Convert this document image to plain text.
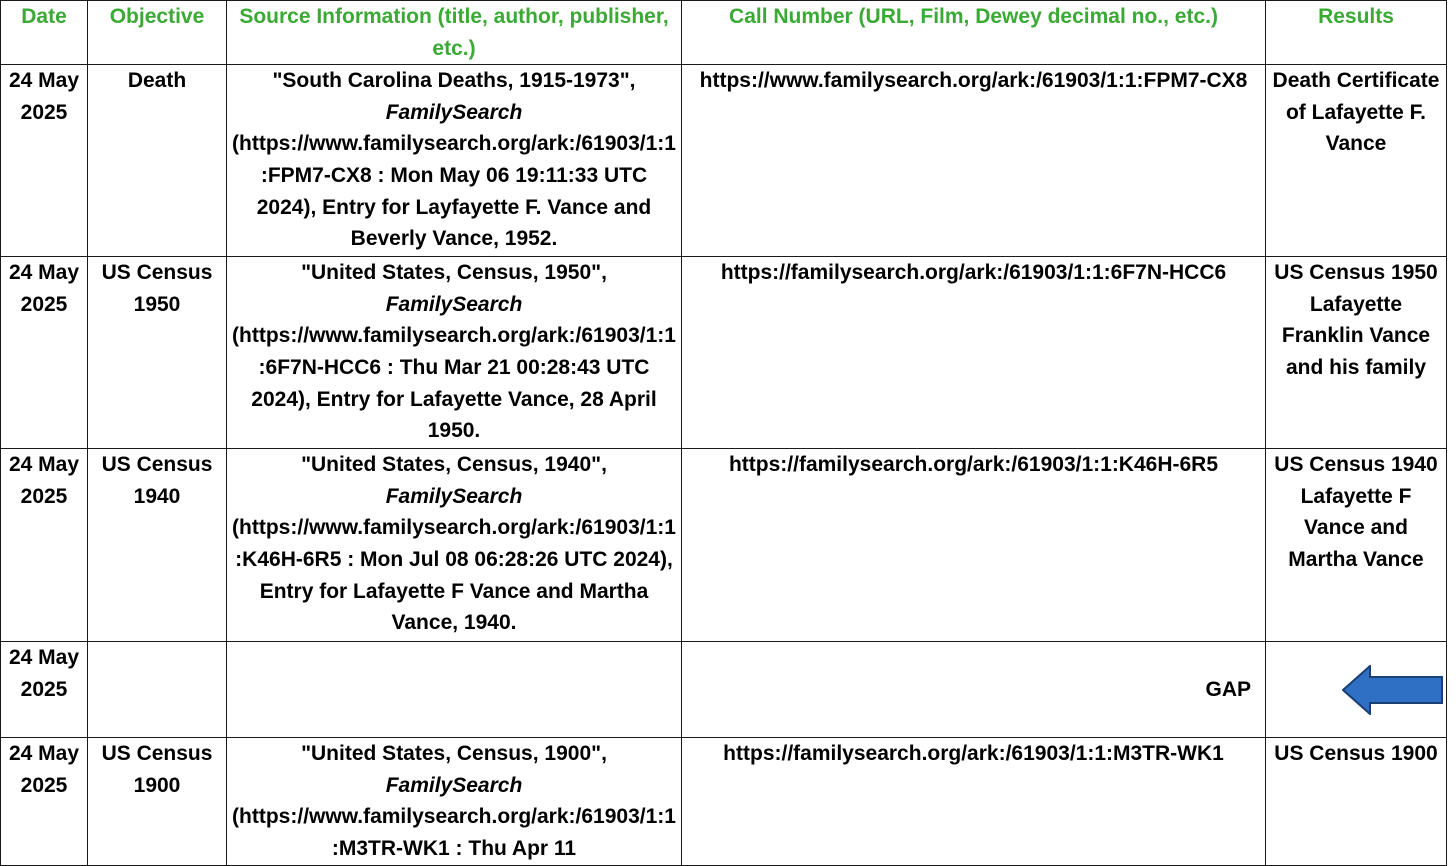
Date	Objective	Source Information (title, author, publisher, etc.)	Call Number (URL, Film, Dewey decimal no., etc.)	Results
24 May 2025	Death	"South Carolina Deaths, 1915-1973", FamilySearch (https://www.familysearch.org/ark:/61903/1:1:FPM7-CX8 : Mon May 06 19:11:33 UTC 2024), Entry for Layfayette F. Vance and Beverly Vance, 1952.	https://www.familysearch.org/ark:/61903/1:1:FPM7-CX8	Death Certificate of Lafayette F. Vance
24 May 2025	US Census 1950	"United States, Census, 1950", FamilySearch (https://www.familysearch.org/ark:/61903/1:1:6F7N-HCC6 : Thu Mar 21 00:28:43 UTC 2024), Entry for Lafayette Vance, 28 April 1950.	https://familysearch.org/ark:/61903/1:1:6F7N-HCC6	US Census 1950 Lafayette Franklin Vance and his family
24 May 2025	US Census 1940	"United States, Census, 1940", FamilySearch (https://www.familysearch.org/ark:/61903/1:1:K46H-6R5 : Mon Jul 08 06:28:26 UTC 2024), Entry for Lafayette F Vance and Martha Vance, 1940.	https://familysearch.org/ark:/61903/1:1:K46H-6R5	US Census 1940 Lafayette F Vance and Martha Vance
24 May 2025			GAP	

24 May 2025	US Census 1900	"United States, Census, 1900", FamilySearch (https://www.familysearch.org/ark:/61903/1:1:M3TR-WK1 : Thu Apr 11	https://familysearch.org/ark:/61903/1:1:M3TR-WK1	US Census 1900
